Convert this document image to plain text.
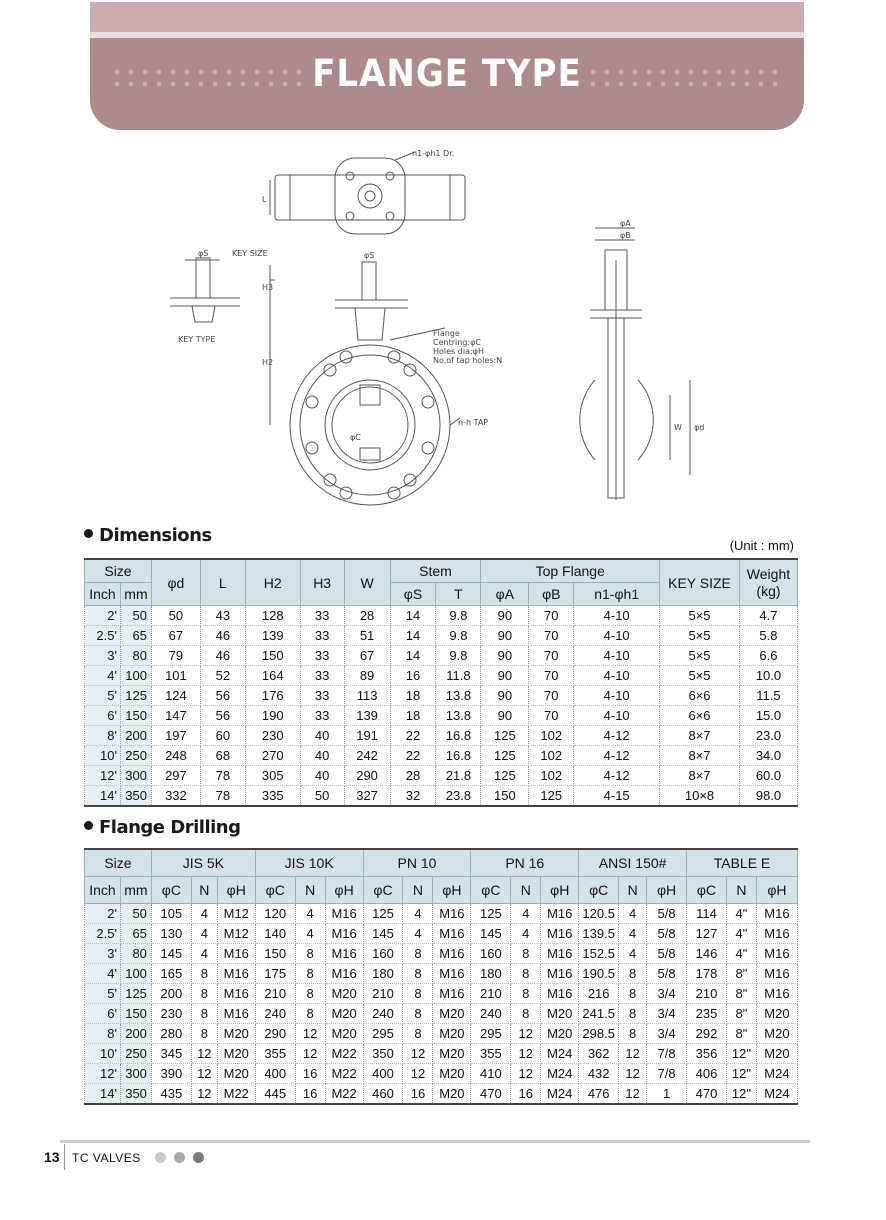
FLANGE TYPE
n1-φh1 Dr.
KEY SIZE
KEY TYPE
φS	φS
H3
H2
L
Flange
Centring:φC
Holes dia:φH
No.of tap holes:N
n-h TAP
φC
φA
φB
W φd
Dimensions	(Unit : mm)
Size		φd	L	H2	H3	W	Stem		Top Flange			KEY SIZE	Weight
(kg)
Inch	mm						φS	T	φA	φB	n1-φh1		
2'	50	50	43	128	33	28	14	9.8	90	70	4-10	5×5	4.7
2.5'	65	67	46	139	33	51	14	9.8	90	70	4-10	5×5	5.8
3'	80	79	46	150	33	67	14	9.8	90	70	4-10	5×5	6.6
4'	100	101	52	164	33	89	16	11.8	90	70	4-10	5×5	10.0
5'	125	124	56	176	33	113	18	13.8	90	70	4-10	6×6	11.5
6'	150	147	56	190	33	139	18	13.8	90	70	4-10	6×6	15.0
8'	200	197	60	230	40	191	22	16.8	125	102	4-12	8×7	23.0
10'	250	248	68	270	40	242	22	16.8	125	102	4-12	8×7	34.0
12'	300	297	78	305	40	290	28	21.8	125	102	4-12	8×7	60.0
14'	350	332	78	335	50	327	32	23.8	150	125	4-15	10×8	98.0
Flange Drilling
Size		JIS 5K			JIS 10K			PN 10			PN 16			ANSI 150#			TABLE E		
Inch	mm	φC	N	φH	φC	N	φH	φC	N	φH	φC	N	φH	φC	N	φH	φC	N	φH
2'	50	105	4	M12	120	4	M16	125	4	M16	125	4	M16	120.5	4	5/8	114	4"	M16
2.5'	65	130	4	M12	140	4	M16	145	4	M16	145	4	M16	139.5	4	5/8	127	4"	M16
3'	80	145	4	M16	150	8	M16	160	8	M16	160	8	M16	152.5	4	5/8	146	4"	M16
4'	100	165	8	M16	175	8	M16	180	8	M16	180	8	M16	190.5	8	5/8	178	8"	M16
5'	125	200	8	M16	210	8	M20	210	8	M16	210	8	M16	216	8	3/4	210	8"	M16
6'	150	230	8	M16	240	8	M20	240	8	M20	240	8	M20	241.5	8	3/4	235	8"	M20
8'	200	280	8	M20	290	12	M20	295	8	M20	295	12	M20	298.5	8	3/4	292	8"	M20
10'	250	345	12	M20	355	12	M22	350	12	M20	355	12	M24	362	12	7/8	356	12"	M20
12'	300	390	12	M20	400	16	M22	400	12	M20	410	12	M24	432	12	7/8	406	12"	M24
14'	350	435	12	M22	445	16	M22	460	16	M20	470	16	M24	476	12	1	470	12"	M24
13 TC VALVES
